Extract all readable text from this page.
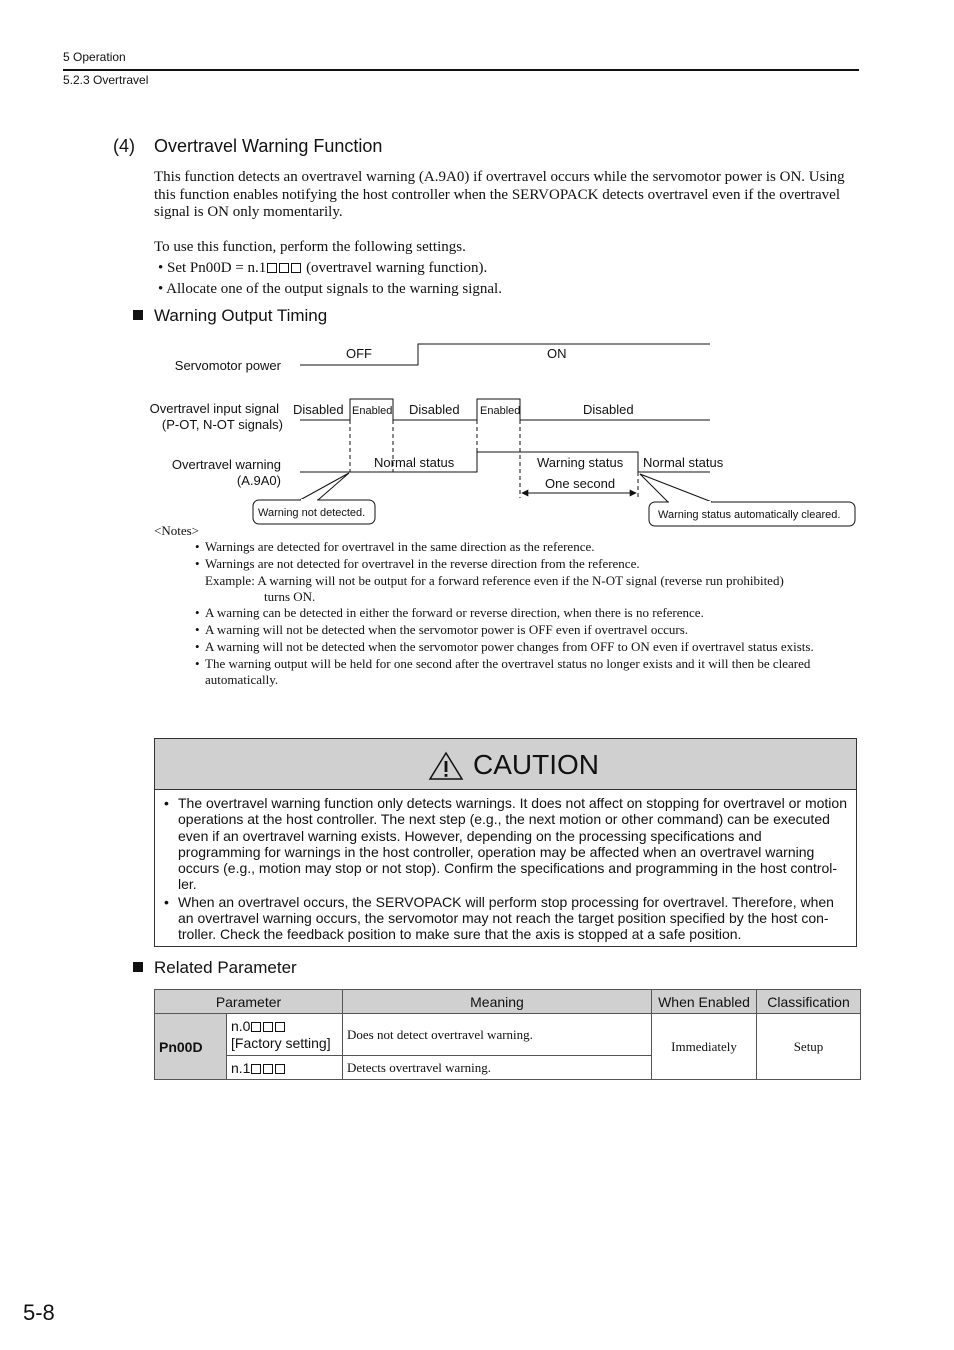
5 Operation
5.2.3 Overtravel
(4) Overtravel Warning Function
This function detects an overtravel warning (A.9A0) if overtravel occurs while the servomotor power is ON. Using this function enables notifying the host controller when the SERVOPACK detects overtravel even if the overtravel signal is ON only momentarily.
To use this function, perform the following settings.
• Set Pn00D = n.1 (overtravel warning function).
• Allocate one of the output signals to the warning signal.
Warning Output Timing
Servomotor power
OFF	ON
Overtravel input signal
(P-OT, N-OT signals)
Disabled Enabled Disabled Enabled	Disabled
Overtravel warning
(A.9A0)
Normal status	Warning status Normal status
One second
Warning not detected.	Warning status automatically cleared.
<Notes>
• Warnings are detected for overtravel in the same direction as the reference.
• Warnings are not detected for overtravel in the reverse direction from the reference.
Example: A warning will not be output for a forward reference even if the N-OT signal (reverse run prohibited)
turns ON.
• A warning can be detected in either the forward or reverse direction, when there is no reference.
• A warning will not be detected when the servomotor power is OFF even if overtravel occurs.
• A warning will not be detected when the servomotor power changes from OFF to ON even if overtravel status exists.
• The warning output will be held for one second after the overtravel status no longer exists and it will then be cleared automatically.
CAUTION
• The overtravel warning function only detects warnings. It does not affect on stopping for overtravel or motion operations at the host controller. The next step (e.g., the next motion or other command) can be executed even if an overtravel warning exists. However, depending on the processing specifications and programming for warnings in the host controller, operation may be affected when an overtravel warning occurs (e.g., motion may stop or not stop). Confirm the specifications and programming in the host control-ler.
• When an overtravel occurs, the SERVOPACK will perform stop processing for overtravel. Therefore, when an overtravel warning occurs, the servomotor may not reach the target position specified by the host con-troller. Check the feedback position to make sure that the axis is stopped at a safe position.
Related Parameter
Parameter		Meaning	When Enabled	Classification
Pn00D	n.0
[Factory setting]	Does not detect overtravel warning.	Immediately	Setup
	n.1	Detects overtravel warning.		
5-8
